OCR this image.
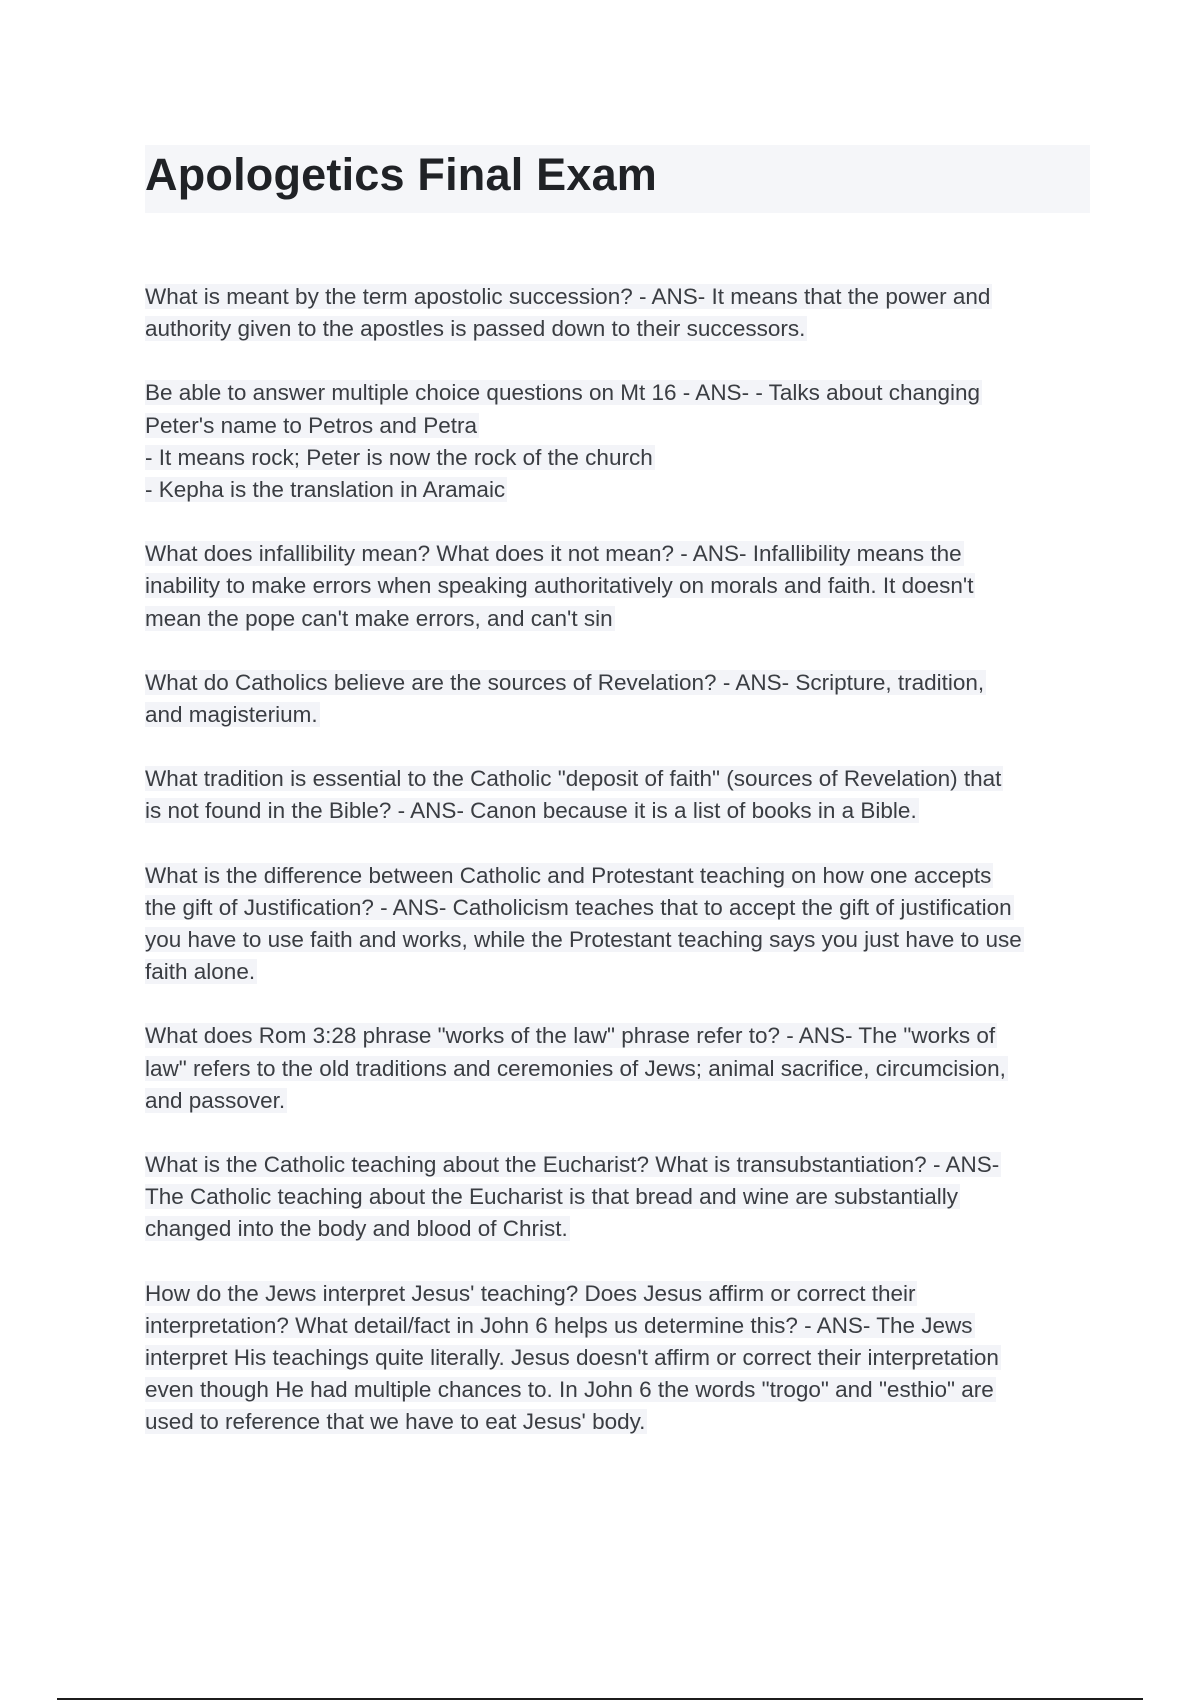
Apologetics Final Exam
What is meant by the term apostolic succession? - ANS- It means that the power and
authority given to the apostles is passed down to their successors.
Be able to answer multiple choice questions on Mt 16 - ANS- - Talks about changing
Peter's name to Petros and Petra
- It means rock; Peter is now the rock of the church
- Kepha is the translation in Aramaic
What does infallibility mean? What does it not mean? - ANS- Infallibility means the
inability to make errors when speaking authoritatively on morals and faith. It doesn't
mean the pope can't make errors, and can't sin
What do Catholics believe are the sources of Revelation? - ANS- Scripture, tradition,
and magisterium.
What tradition is essential to the Catholic "deposit of faith" (sources of Revelation) that
is not found in the Bible? - ANS- Canon because it is a list of books in a Bible.
What is the difference between Catholic and Protestant teaching on how one accepts
the gift of Justification? - ANS- Catholicism teaches that to accept the gift of justification
you have to use faith and works, while the Protestant teaching says you just have to use
faith alone.
What does Rom 3:28 phrase "works of the law" phrase refer to? - ANS- The "works of
law" refers to the old traditions and ceremonies of Jews; animal sacrifice, circumcision,
and passover.
What is the Catholic teaching about the Eucharist? What is transubstantiation? - ANS-
The Catholic teaching about the Eucharist is that bread and wine are substantially
changed into the body and blood of Christ.
How do the Jews interpret Jesus' teaching? Does Jesus affirm or correct their
interpretation? What detail/fact in John 6 helps us determine this? - ANS- The Jews
interpret His teachings quite literally. Jesus doesn't affirm or correct their interpretation
even though He had multiple chances to. In John 6 the words "trogo" and "esthio" are
used to reference that we have to eat Jesus' body.
